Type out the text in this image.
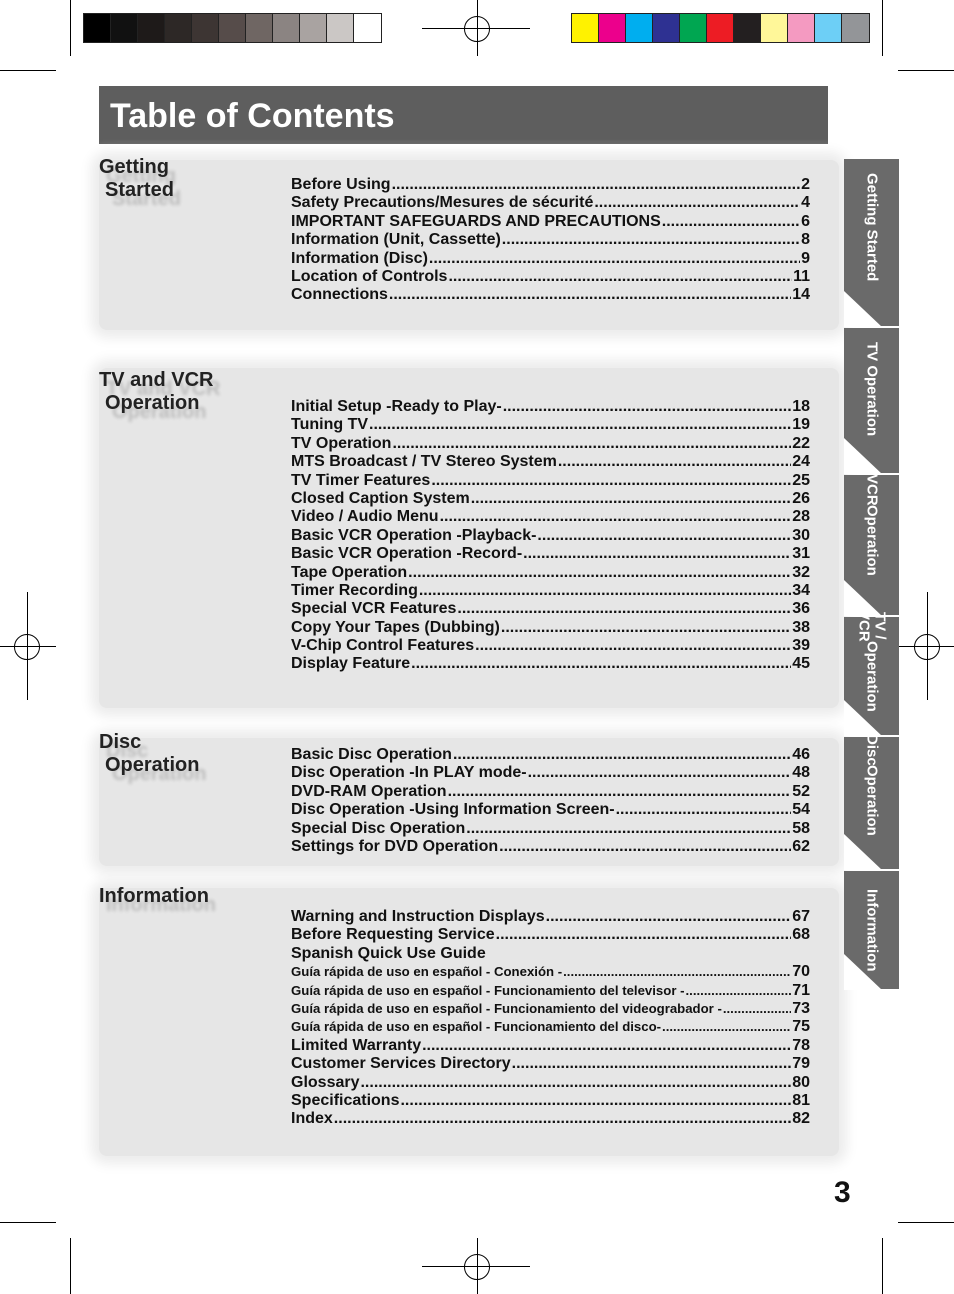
Table of Contents
Getting
Started
TV and VCR
Operation
Disc
Operation
Information
Before Using .....	2
Safety Precautions/Mesures de sécurité .....	4
IMPORTANT SAFEGUARDS AND PRECAUTIONS .....	6
Information (Unit, Cassette) .....	8
Information (Disc) .....	9
Location of Controls .....	11
Connections .....	14
Initial Setup -Ready to Play- .....	18
Tuning TV .....	19
TV Operation .....	22
MTS Broadcast / TV Stereo System .....	24
TV Timer Features .....	25
Closed Caption System .....	26
Video / Audio Menu .....	28
Basic VCR Operation -Playback- .....	30
Basic VCR Operation -Record- .....	31
Tape Operation .....	32
Timer Recording .....	34
Special VCR Features .....	36
Copy Your Tapes (Dubbing) .....	38
V-Chip Control Features .....	39
Display Feature .....	45
Basic Disc Operation .....	46
Disc Operation -In PLAY mode- .....	48
DVD-RAM Operation .....	52
Disc Operation -Using Information Screen- .....	54
Special Disc Operation .....	58
Settings for DVD Operation .....	62
Warning and Instruction Displays .....	67
Before Requesting Service .....	68
Spanish Quick Use Guide
Guía rápida de uso en español - Conexión - .....	70
Guía rápida de uso en español - Funcionamiento del televisor - .....	71
Guía rápida de uso en español - Funcionamiento del videograbador - .....	73
Guía rápida de uso en español - Funcionamiento del disco- .....	75
Limited Warranty .....	78
Customer Services Directory .....	79
Glossary .....	80
Specifications .....	81
Index .....	82
Getting Started
TV Operation
VCR
Operation
TV / VCR
Operation
Disc
Operation
Information
3
